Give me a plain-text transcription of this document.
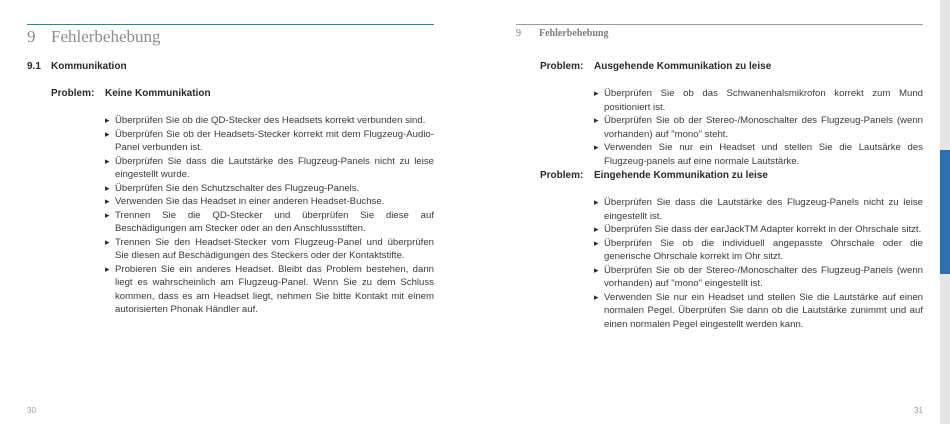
9 Fehlerbehebung
9.1 Kommunikation
Problem: Keine Kommunikation
▸ Überprüfen Sie ob die QD-Stecker des Headsets korrekt verbunden sind.
▸ Überprüfen Sie ob der Headsets-Stecker korrekt mit dem Flugzeug-Audio-Panel verbunden ist.
▸ Überprüfen Sie dass die Lautstärke des Flugzeug-Panels nicht zu leise eingestellt wurde.
▸ Überprüfen Sie den Schutzschalter des Flugzeug-Panels.
▸ Verwenden Sie das Headset in einer anderen Headset-Buchse.
▸ Trennen Sie die QD-Stecker und überprüfen Sie diese auf Beschädigungen am Stecker oder an den Anschlussstiften.
▸ Trennen Sie den Headset-Stecker vom Flugzeug-Panel und überprüfen Sie diesen auf Beschädigungen des Steckers oder der Kontaktstifte.
▸ Probieren Sie ein anderes Headset. Bleibt das Problem bestehen, dann liegt es wahrscheinlich am Flugzeug-Panel. Wenn Sie zu dem Schluss kommen, dass es am Headset liegt, nehmen Sie bitte Kontakt mit einem autorisierten Phonak Händler auf.
30
9 Fehlerbehebung
Problem: Ausgehende Kommunikation zu leise
▸ Überprüfen Sie ob das Schwanenhalsmikrofon korrekt zum Mund positioniert ist.
▸ Überprüfen Sie ob der Stereo-/Monoschalter des Flugzeug-Panels (wenn vorhanden) auf "mono" steht.
▸ Verwenden Sie nur ein Headset und stellen Sie die Lautsärke des Flugzeug-panels auf eine normale Lautstärke.
Problem: Eingehende Kommunikation zu leise
▸ Überprüfen Sie dass die Lautstärke des Flugzeug-Panels nicht zu leise eingestellt ist.
▸ Überprüfen Sie dass der earJackTM Adapter korrekt in der Ohrschale sitzt.
▸ Überprüfen Sie ob die individuell angepasste Ohrschale oder die generische Ohrschale korrekt im Ohr sitzt.
▸ Überprüfen Sie ob der Stereo-/Monoschalter des Flugzeug-Panels (wenn vorhanden) auf "mono" eingestellt ist.
▸ Verwenden Sie nur ein Headset und stellen Sie die Lautstärke auf einen normalen Pegel. Überprüfen Sie dann ob die Lautstärke zunimmt und auf einen normalen Pegel eingestellt werden kann.
31
